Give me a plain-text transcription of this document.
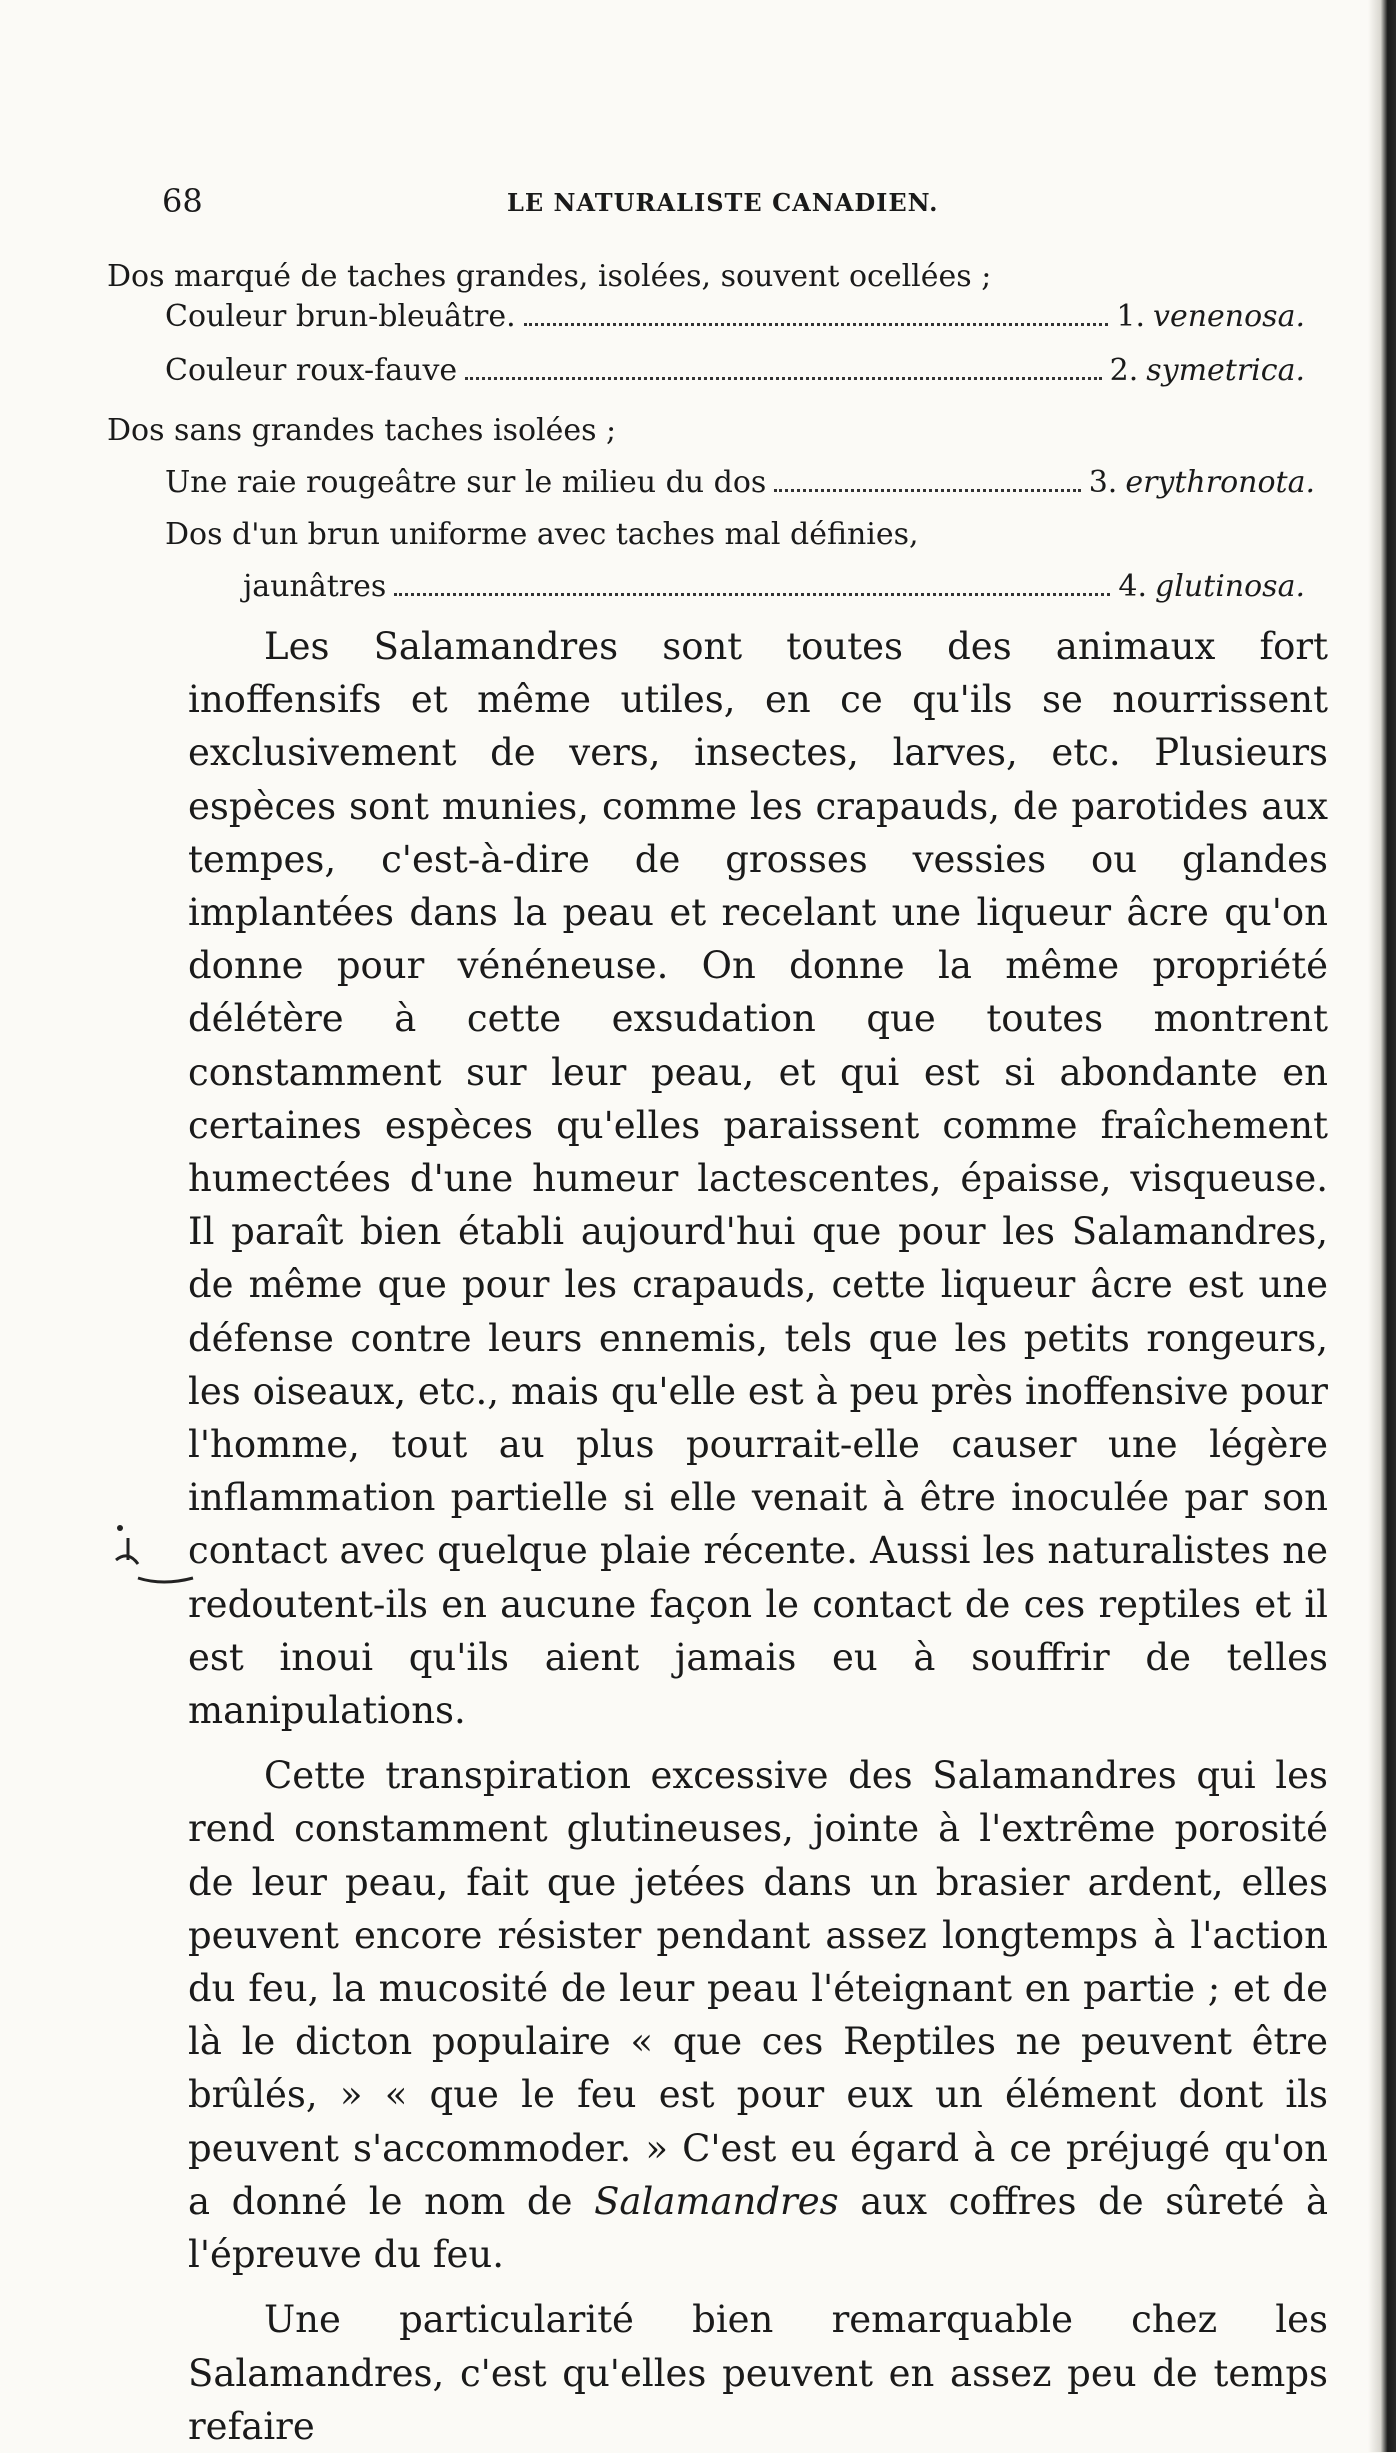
68	LE NATURALISTE CANADIEN.
Dos marqué de taches grandes, isolées, souvent ocellées ;
Couleur brun-bleuâtre.	1. venenosa.
Couleur roux-fauve	2. symetrica.
Dos sans grandes taches isolées ;
Une raie rougeâtre sur le milieu du dos	3. erythronota.
Dos d'un brun uniforme avec taches mal définies,
jaunâtres	4. glutinosa.

Les Salamandres sont toutes des animaux fort inoffensifs et même utiles, en ce qu'ils se nourrissent exclusivement de vers, insectes, larves, etc. Plusieurs espèces sont munies, comme les crapauds, de parotides aux tempes, c'est-à-dire de grosses vessies ou glandes implantées dans la peau et recelant une liqueur âcre qu'on donne pour vénéneuse. On donne la même propriété délétère à cette exsudation que toutes montrent constamment sur leur peau, et qui est si abondante en certaines espèces qu'elles paraissent comme fraîchement humectées d'une humeur lactescentes, épaisse, visqueuse. Il paraît bien établi aujourd'hui que pour les Salamandres, de même que pour les crapauds, cette liqueur âcre est une défense contre leurs ennemis, tels que les petits rongeurs, les oiseaux, etc., mais qu'elle est à peu près inoffensive pour l'homme, tout au plus pourrait-elle causer une légère inflammation partielle si elle venait à être inoculée par son contact avec quelque plaie récente. Aussi les naturalistes ne redoutent-ils en aucune façon le contact de ces reptiles et il est inoui qu'ils aient jamais eu à souffrir de telles manipulations.

Cette transpiration excessive des Salamandres qui les rend constamment glutineuses, jointe à l'extrême porosité de leur peau, fait que jetées dans un brasier ardent, elles peuvent encore résister pendant assez longtemps à l'action du feu, la mucosité de leur peau l'éteignant en partie ; et de là le dicton populaire « que ces Reptiles ne peuvent être brûlés, » « que le feu est pour eux un élément dont ils peuvent s'accommoder. » C'est eu égard à ce préjugé qu'on a donné le nom de Salamandres aux coffres de sûreté à l'épreuve du feu.

Une particularité bien remarquable chez les Salamandres, c'est qu'elles peuvent en assez peu de temps refaire
